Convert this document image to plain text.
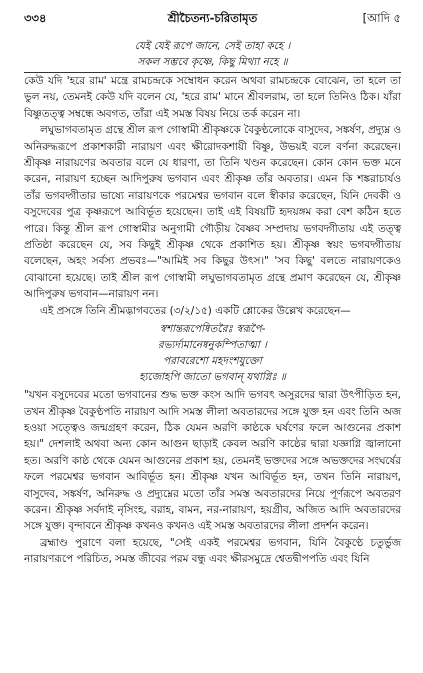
৩৩৪	শ্রীচৈতন্য-চরিতামৃত	[আদি ৫

যেই যেই রূপে জানে, সেই তাহা কহে ।

সকল সম্ভবে কৃষ্ণে, কিছু মিথ্যা নহে ॥

কেউ যদি 'হরে রাম' মন্ত্রে রামচন্দ্রকে সম্বোধন করেন অথবা রামচন্দ্রকে বোঝেন, তা হলে তা ভুল নয়, তেমনই কেউ যদি বলেন যে, 'হরে রাম' মানে শ্রীবলরাম, তা হলে তিনিও ঠিক। যাঁরা বিষ্ণুতত্ত্ব সম্বন্ধে অবগত, তাঁরা এই সমস্ত বিষয় নিয়ে তর্ক করেন না।

লঘুভাগবতামৃত গ্রন্থে শ্রীল রূপ গোস্বামী শ্রীকৃষ্ণকে বৈকুণ্ঠলোকে বাসুদেব, সঙ্কর্ষণ, প্রদ্যুম্ন ও অনিরুদ্ধরূপে প্রকাশকারী নারায়ণ এবং ক্ষীরোদকশায়ী বিষ্ণু, উভয়ই বলে বর্ণনা করেছেন। শ্রীকৃষ্ণ নারায়ণের অবতার বলে যে ধারণা, তা তিনি খণ্ডন করেছেন। কোন কোন ভক্ত মনে করেন, নারায়ণ হচ্ছেন আদিপুরুষ ভগবান এবং শ্রীকৃষ্ণ তাঁর অবতার। এমন কি শঙ্করাচার্যও তাঁর ভগবদ্গীতার ভাষ্যে নারায়ণকে পরমেশ্বর ভগবান বলে স্বীকার করেছেন, যিনি দেবকী ও বসুদেবের পুত্র কৃষ্ণরূপে আবির্ভূত হয়েছেন। তাই এই বিষয়টি হৃদয়ঙ্গম করা বেশ কঠিন হতে পারে। কিন্তু শ্রীল রূপ গোস্বামীর অনুগামী গৌড়ীয় বৈষ্ণব সম্প্রদায় ভগবদ্গীতায় এই তত্ত্ব প্রতিষ্ঠা করেছেন যে, সব কিছুই শ্রীকৃষ্ণ থেকে প্রকাশিত হয়। শ্রীকৃষ্ণ স্বয়ং ভগবদ্গীতায় বলেছেন, অহং সর্বস্য প্রভবঃ—"আমিই সব কিছুর উৎস।" 'সব কিছু' বলতে নারায়ণকেও বোঝানো হয়েছে। তাই শ্রীল রূপ গোস্বামী লঘুভাগবতামৃত গ্রন্থে প্রমাণ করেছেন যে, শ্রীকৃষ্ণ আদিপুরুষ ভগবান—নারায়ণ নন।

এই প্রসঙ্গে তিনি শ্রীমদ্ভাগবতের (৩/২/১৫) একটি শ্লোকের উল্লেখ করেছেন—

স্বশান্তরূপেষ্বিতরৈঃ স্বরূপৈ-

রভ্যর্দ্যমানেষ্বনুকম্পিতাত্মা ।

পরাবরেশো মহদংশযুক্তো

হ্যজোহপি জাতো ভগবান্ যথাগ্নিঃ ॥

"যখন বসুদেবের মতো ভগবানের শুদ্ধ ভক্ত কংস আদি ভগবৎ অসুরদের দ্বারা উৎপীড়িত হন, তখন শ্রীকৃষ্ণ বৈকুণ্ঠপতি নারায়ণ আদি সমস্ত লীলা অবতারদের সঙ্গে যুক্ত হন এবং তিনি অজ হওয়া সত্ত্বেও জন্মগ্রহণ করেন, ঠিক যেমন অরণি কাষ্ঠকে ঘর্ষণের ফলে আগুনের প্রকাশ হয়।" দেশলাই অথবা অন্য কোন আগুন ছাড়াই কেবল অরণি কাষ্ঠের দ্বারা যজ্ঞাগ্নি জ্বালানো হত। অরণি কাষ্ঠ থেকে যেমন আগুনের প্রকাশ হয়, তেমনই ভক্তদের সঙ্গে অভক্তদের সংঘর্ষের ফলে পরমেশ্বর ভগবান আবির্ভূত হন। শ্রীকৃষ্ণ যখন আবির্ভূত হন, তখন তিনি নারায়ণ, বাসুদেব, সঙ্কর্ষণ, অনিরুদ্ধ ও প্রদ্যুম্নের মতো তাঁর সমস্ত অবতারদের নিয়ে পূর্ণরূপে অবতরণ করেন। শ্রীকৃষ্ণ সর্বদাই নৃসিংহ, বরাহ, বামন, নর-নারায়ণ, হয়গ্রীব, অজিত আদি অবতারদের সঙ্গে যুক্ত। বৃন্দাবনে শ্রীকৃষ্ণ কখনও কখনও এই সমস্ত অবতারদের লীলা প্রদর্শন করেন।

ব্রহ্মাণ্ড পুরাণে বলা হয়েছে, "সেই একই পরমেশ্বর ভগবান, যিনি বৈকুণ্ঠে চতুর্ভুজ নারায়ণরূপে পরিচিত, সমস্ত জীবের পরম বন্ধু এবং ক্ষীরসমুদ্রে শ্বেতদ্বীপপতি এবং যিনি
